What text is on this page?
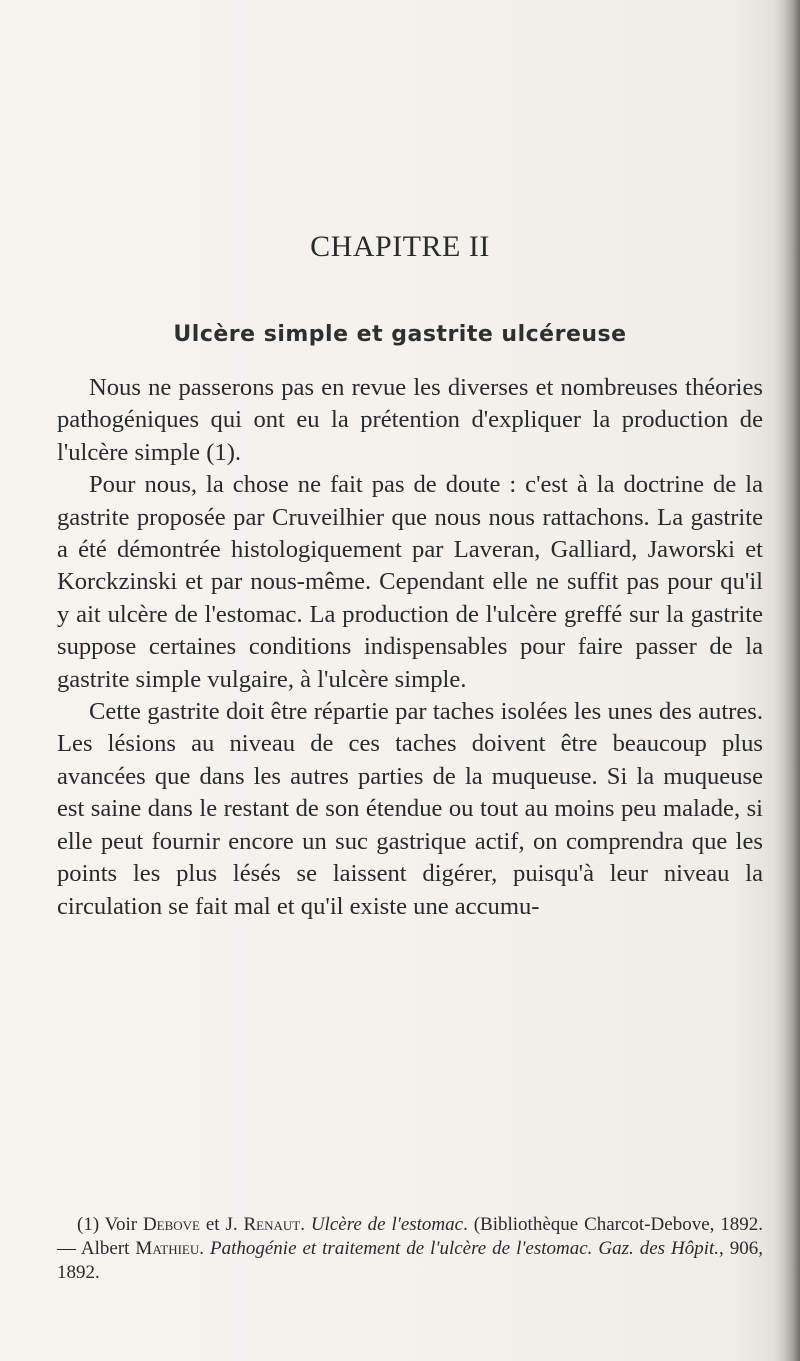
CHAPITRE II
Ulcère simple et gastrite ulcéreuse

Nous ne passerons pas en revue les diverses et nombreuses théories pathogéniques qui ont eu la prétention d'expliquer la production de l'ulcère simple (1).

Pour nous, la chose ne fait pas de doute : c'est à la doctrine de la gastrite proposée par Cruveilhier que nous nous rattachons. La gastrite a été démontrée histologiquement par Laveran, Galliard, Jaworski et Korckzinski et par nous-même. Cependant elle ne suffit pas pour qu'il y ait ulcère de l'estomac. La production de l'ulcère greffé sur la gastrite suppose certaines conditions indispensables pour faire passer de la gastrite simple vulgaire, à l'ulcère simple.

Cette gastrite doit être répartie par taches isolées les unes des autres. Les lésions au niveau de ces taches doivent être beaucoup plus avancées que dans les autres parties de la muqueuse. Si la muqueuse est saine dans le restant de son étendue ou tout au moins peu malade, si elle peut fournir encore un suc gastrique actif, on comprendra que les points les plus lésés se laissent digérer, puisqu'à leur niveau la circulation se fait mal et qu'il existe une accumu-

(1) Voir Debove et J. Renaut. Ulcère de l'estomac. (Bibliothèque Charcot-Debove, 1892. — Albert Mathieu. Pathogénie et traitement de l'ulcère de l'estomac. Gaz. des Hôpit., 906, 1892.
